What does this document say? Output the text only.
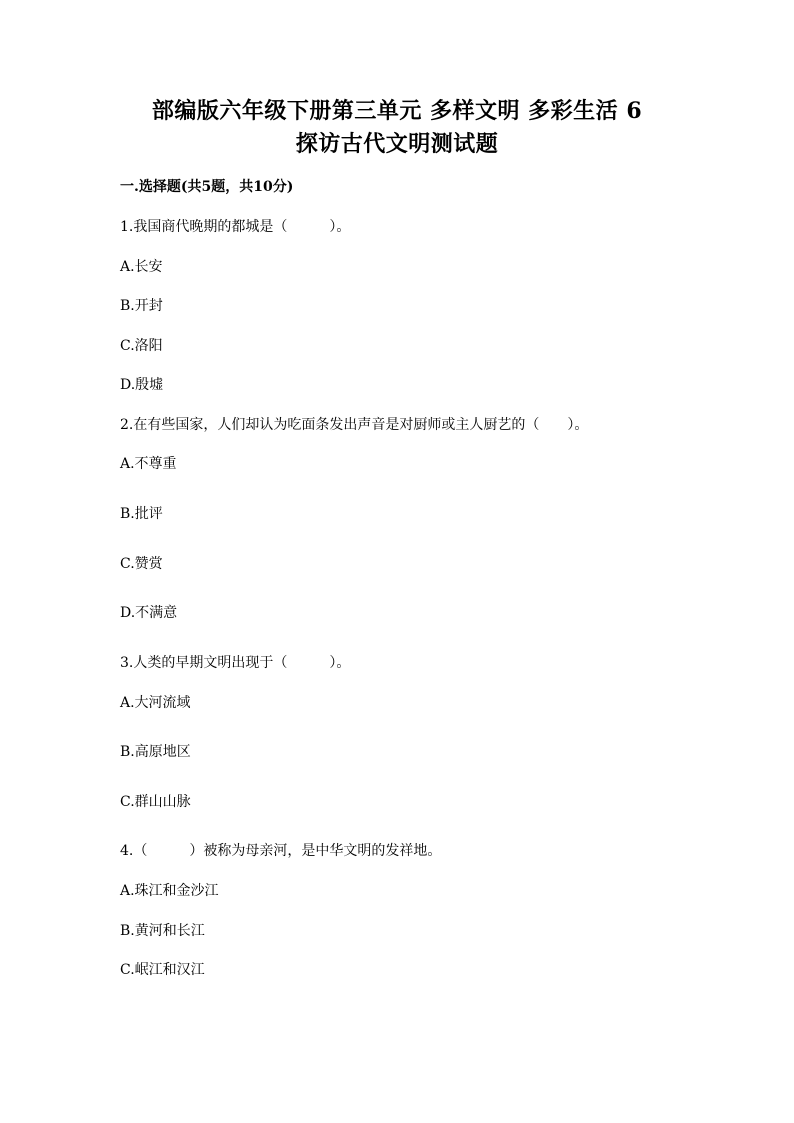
部编版六年级下册第三单元 多样文明 多彩生活 6
探访古代文明测试题
一.选择题(共5题，共10分)
1.我国商代晚期的都城是（　　　）。
A.长安
B.开封
C.洛阳
D.殷墟
2.在有些国家，人们却认为吃面条发出声音是对厨师或主人厨艺的（　　）。
A.不尊重
B.批评
C.赞赏
D.不满意
3.人类的早期文明出现于（　　　）。
A.大河流域
B.高原地区
C.群山山脉
4.（　　　）被称为母亲河，是中华文明的发祥地。
A.珠江和金沙江
B.黄河和长江
C.岷江和汉江
